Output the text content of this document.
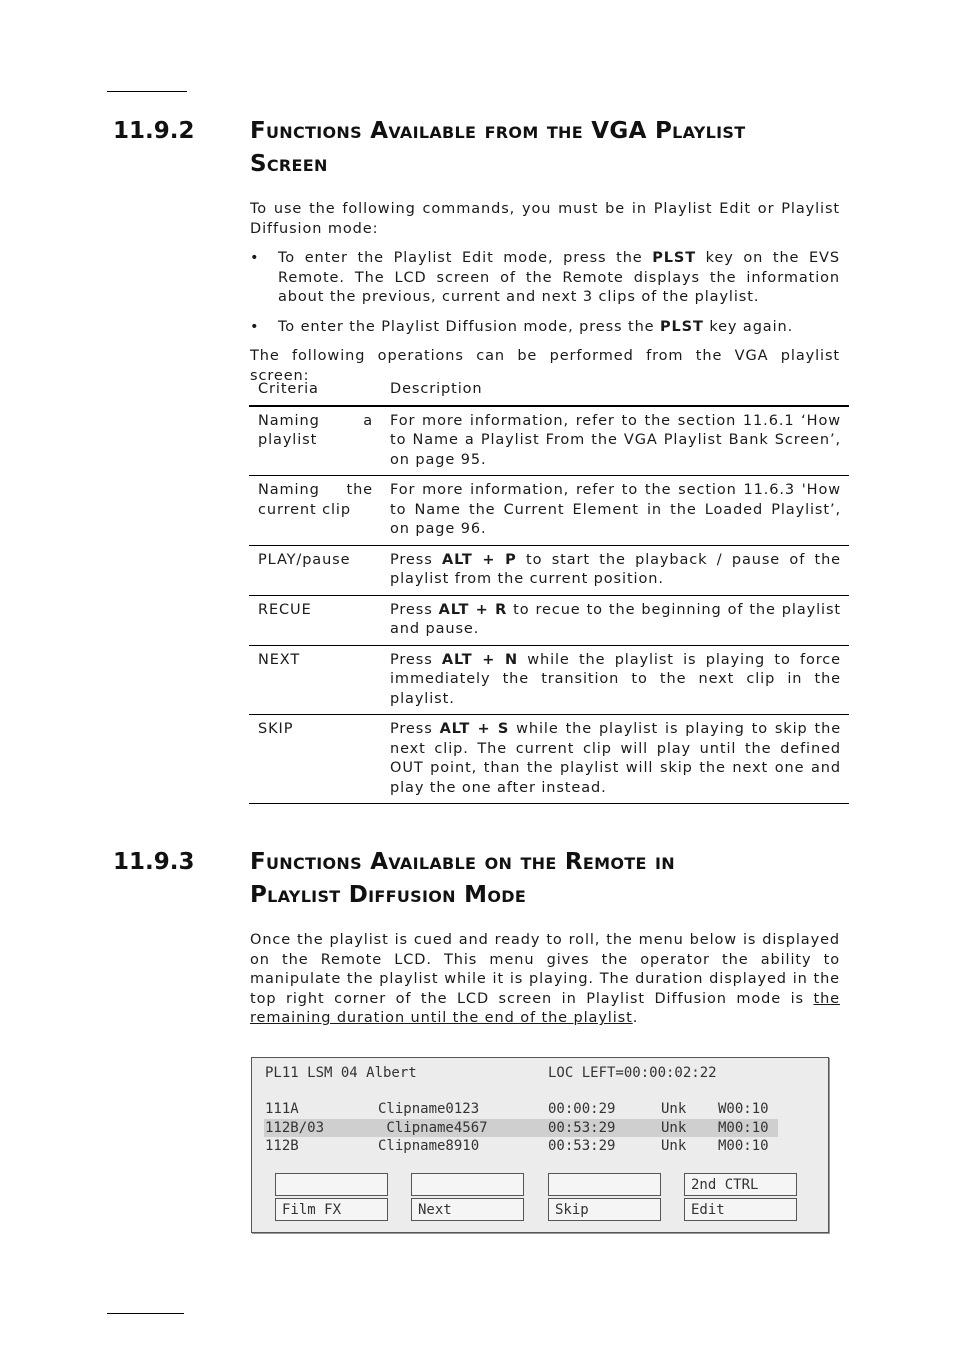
11.9.2 Functions Available from the VGA Playlist
Screen
To use the following commands, you must be in Playlist Edit or Playlist Diffusion mode:
• To enter the Playlist Edit mode, press the PLST key on the EVS Remote. The LCD screen of the Remote displays the information about the previous, current and next 3 clips of the playlist.
• To enter the Playlist Diffusion mode, press the PLST key again.
The following operations can be performed from the VGA playlist screen:
Criteria	Description
Naming a playlist	For more information, refer to the section 11.6.1 ‘How to Name a Playlist From the VGA Playlist Bank Screen’, on page 95.
Naming the current clip	For more information, refer to the section 11.6.3 'How to Name the Current Element in the Loaded Playlist’, on page 96.
PLAY/pause	Press ALT + P to start the playback / pause of the playlist from the current position.
RECUE	Press ALT + R to recue to the beginning of the playlist and pause.
NEXT	Press ALT + N while the playlist is playing to force immediately the transition to the next clip in the playlist.
SKIP	Press ALT + S while the playlist is playing to skip the next clip. The current clip will play until the defined OUT point, than the playlist will skip the next one and play the one after instead.
11.9.3 Functions Available on the Remote in
Playlist Diffusion Mode
Once the playlist is cued and ready to roll, the menu below is displayed on the Remote LCD. This menu gives the operator the ability to manipulate the playlist while it is playing. The duration displayed in the top right corner of the LCD screen in Playlist Diffusion mode is the remaining duration until the end of the playlist.
PL11 LSM 04 Albert	LOC LEFT=00:00:02:22
111A	Clipname0123	00:00:29	Unk W00:10
112B/03	Clipname4567	00:53:29	Unk M00:10
112B	Clipname8910	00:53:29	Unk M00:10
2nd CTRL
Film FX	Next	Skip	Edit
